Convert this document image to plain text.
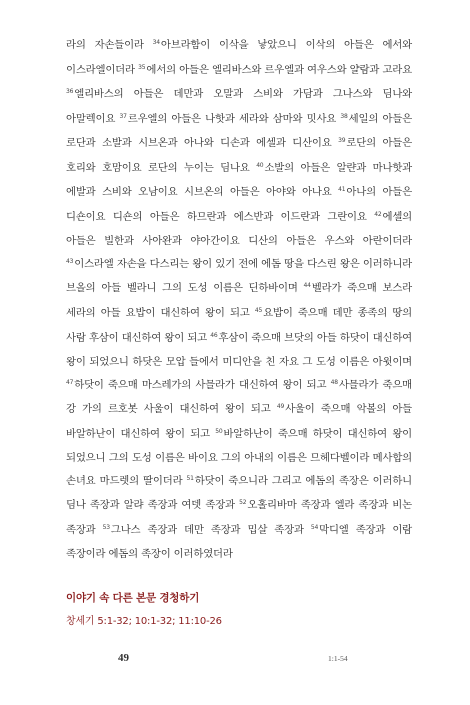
라의 자손들이라 $^{34}$아브라함이 이삭을 낳았으니 이삭의 아들은 에서와 이스라엘이더라 $^{35}$에서의 아들은 엘리바스와 르우엘과 여우스와 얄람과 고라요 $^{36}$엘리바스의 아들은 데만과 오말과 스비와 가담과 그나스와 딤나와 아말렉이요 $^{37}$르우엘의 아들은 나핫과 세라와 삼마와 밋사요 $^{38}$세일의 아들은 로단과 소발과 시브온과 아나와 디손과 에셀과 디산이요 $^{39}$로단의 아들은 호리와 호맘이요 로단의 누이는 딤나요 $^{40}$소발의 아들은 알랸과 마나핫과 에발과 스비와 오남이요 시브온의 아들은 아야와 아나요 $^{41}$아나의 아들은 디숀이요 디숀의 아들은 하므란과 에스반과 이드란과 그란이요 $^{42}$에셀의 아들은 빌한과 사아완과 야아간이요 디산의 아들은 우스와 아란이더라 $^{43}$이스라엘 자손을 다스리는 왕이 있기 전에 에돔 땅을 다스린 왕은 이러하니라 브올의 아들 벨라니 그의 도성 이름은 딘하바이며 $^{44}$벨라가 죽으매 보스라 세라의 아들 요밥이 대신하여 왕이 되고 $^{45}$요밥이 죽으매 데만 종족의 땅의 사람 후삼이 대신하여 왕이 되고 $^{46}$후삼이 죽으매 브닷의 아들 하닷이 대신하여 왕이 되었으니 하닷은 모압 들에서 미디안을 친 자요 그 도성 이름은 아윗이며 $^{47}$하닷이 죽으매 마스레가의 사믈라가 대신하여 왕이 되고 $^{48}$사믈라가 죽으매 강 가의 르호봇 사울이 대신하여 왕이 되고 $^{49}$사울이 죽으매 악볼의 아들 바알하난이 대신하여 왕이 되고 $^{50}$바알하난이 죽으매 하닷이 대신하여 왕이 되었으니 그의 도성 이름은 바이요 그의 아내의 이름은 므헤다벨이라 메사합의 손녀요 마드렛의 딸이더라 $^{51}$하닷이 죽으니라 그리고 에돔의 족장은 이러하니 딤나 족장과 알랴 족장과 여뎃 족장과 $^{52}$오홀리바마 족장과 엘라 족장과 비논 족장과 $^{53}$그나스 족장과 데만 족장과 밉살 족장과 $^{54}$막디엘 족장과 이람 족장이라 에돔의 족장이 이러하였더라

이야기 속 다른 본문 경청하기

창세기 5:1-32; 10:1-32; 11:10-26

49	1:1-54
